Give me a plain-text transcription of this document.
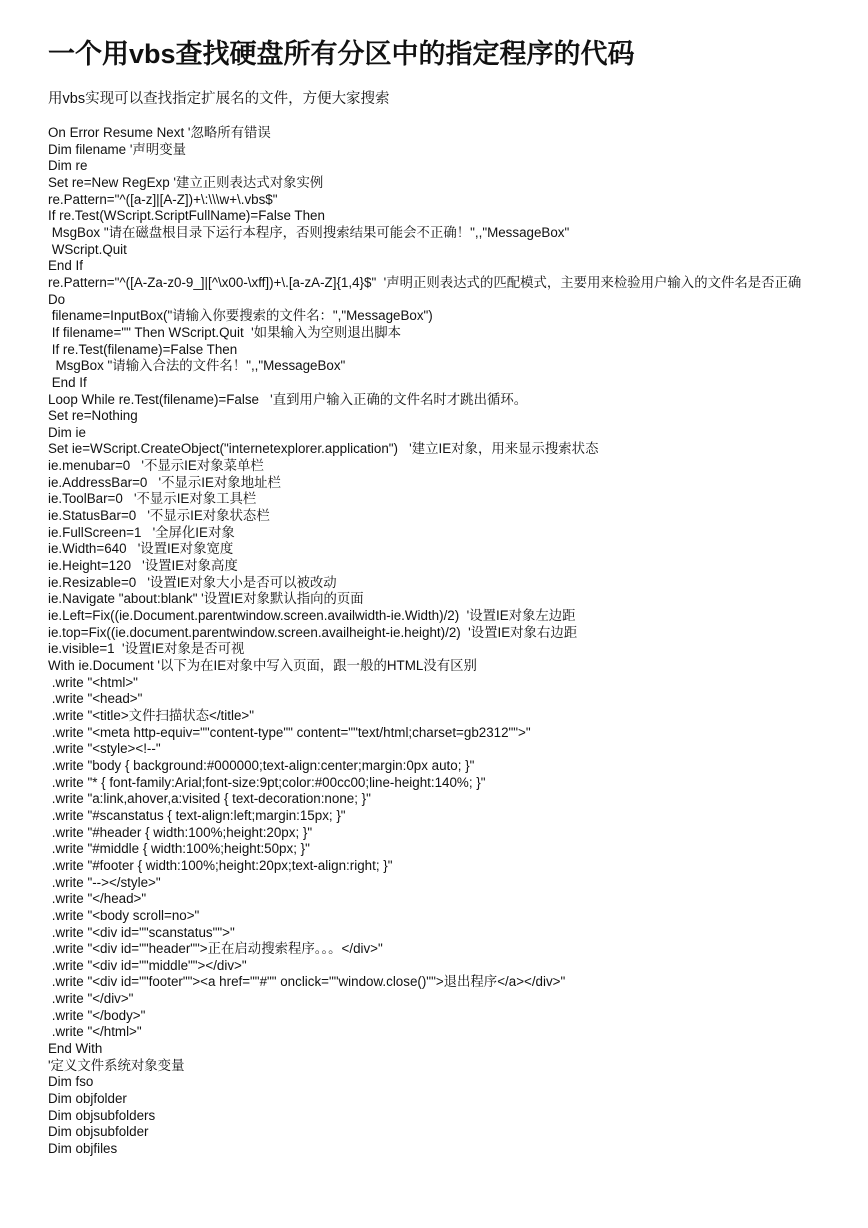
一个用vbs查找硬盘所有分区中的指定程序的代码

用vbs实现可以查找指定扩展名的文件，方便大家搜索

On Error Resume Next '忽略所有错误
Dim filename '声明变量
Dim re
Set re=New RegExp '建立正则表达式对象实例
re.Pattern="^([a-z]|[A-Z])+\:\\\w+\.vbs$"
If re.Test(WScript.ScriptFullName)=False Then
MsgBox "请在磁盘根目录下运行本程序，否则搜索结果可能会不正确！",,"MessageBox"
WScript.Quit
End If
re.Pattern="^([A-Za-z0-9_]|[^\x00-\xff])+\.[a-zA-Z]{1,4}$"  '声明正则表达式的匹配模式，主要用来检验用户输入的文件名是否正确
Do
filename=InputBox("请输入你要搜索的文件名：","MessageBox")
If filename="" Then WScript.Quit  '如果输入为空则退出脚本
If re.Test(filename)=False Then
MsgBox "请输入合法的文件名！",,"MessageBox"
End If
Loop While re.Test(filename)=False   '直到用户输入正确的文件名时才跳出循环。
Set re=Nothing
Dim ie
Set ie=WScript.CreateObject("internetexplorer.application")   '建立IE对象，用来显示搜索状态
ie.menubar=0   '不显示IE对象菜单栏
ie.AddressBar=0   '不显示IE对象地址栏
ie.ToolBar=0   '不显示IE对象工具栏
ie.StatusBar=0   '不显示IE对象状态栏
ie.FullScreen=1   '全屏化IE对象
ie.Width=640   '设置IE对象宽度
ie.Height=120   '设置IE对象高度
ie.Resizable=0   '设置IE对象大小是否可以被改动
ie.Navigate "about:blank" '设置IE对象默认指向的页面
ie.Left=Fix((ie.Document.parentwindow.screen.availwidth-ie.Width)/2)  '设置IE对象左边距
ie.top=Fix((ie.document.parentwindow.screen.availheight-ie.height)/2)  '设置IE对象右边距
ie.visible=1  '设置IE对象是否可视
With ie.Document '以下为在IE对象中写入页面，跟一般的HTML没有区别
.write "<html>"
.write "<head>"
.write "<title>文件扫描状态</title>"
.write "<meta http-equiv=""content-type"" content=""text/html;charset=gb2312"">"
.write "<style><!--"
.write "body { background:#000000;text-align:center;margin:0px auto; }"
.write "* { font-family:Arial;font-size:9pt;color:#00cc00;line-height:140%; }"
.write "a:link,ahover,a:visited { text-decoration:none; }"
.write "#scanstatus { text-align:left;margin:15px; }"
.write "#header { width:100%;height:20px; }"
.write "#middle { width:100%;height:50px; }"
.write "#footer { width:100%;height:20px;text-align:right; }"
.write "--></style>"
.write "</head>"
.write "<body scroll=no>"
.write "<div id=""scanstatus"">"
.write "<div id=""header"">正在启动搜索程序。。。</div>"
.write "<div id=""middle""></div>"
.write "<div id=""footer""><a href=""#"" onclick=""window.close()"">退出程序</a></div>"
.write "</div>"
.write "</body>"
.write "</html>"
End With
'定义文件系统对象变量
Dim fso
Dim objfolder
Dim objsubfolders
Dim objsubfolder
Dim objfiles
